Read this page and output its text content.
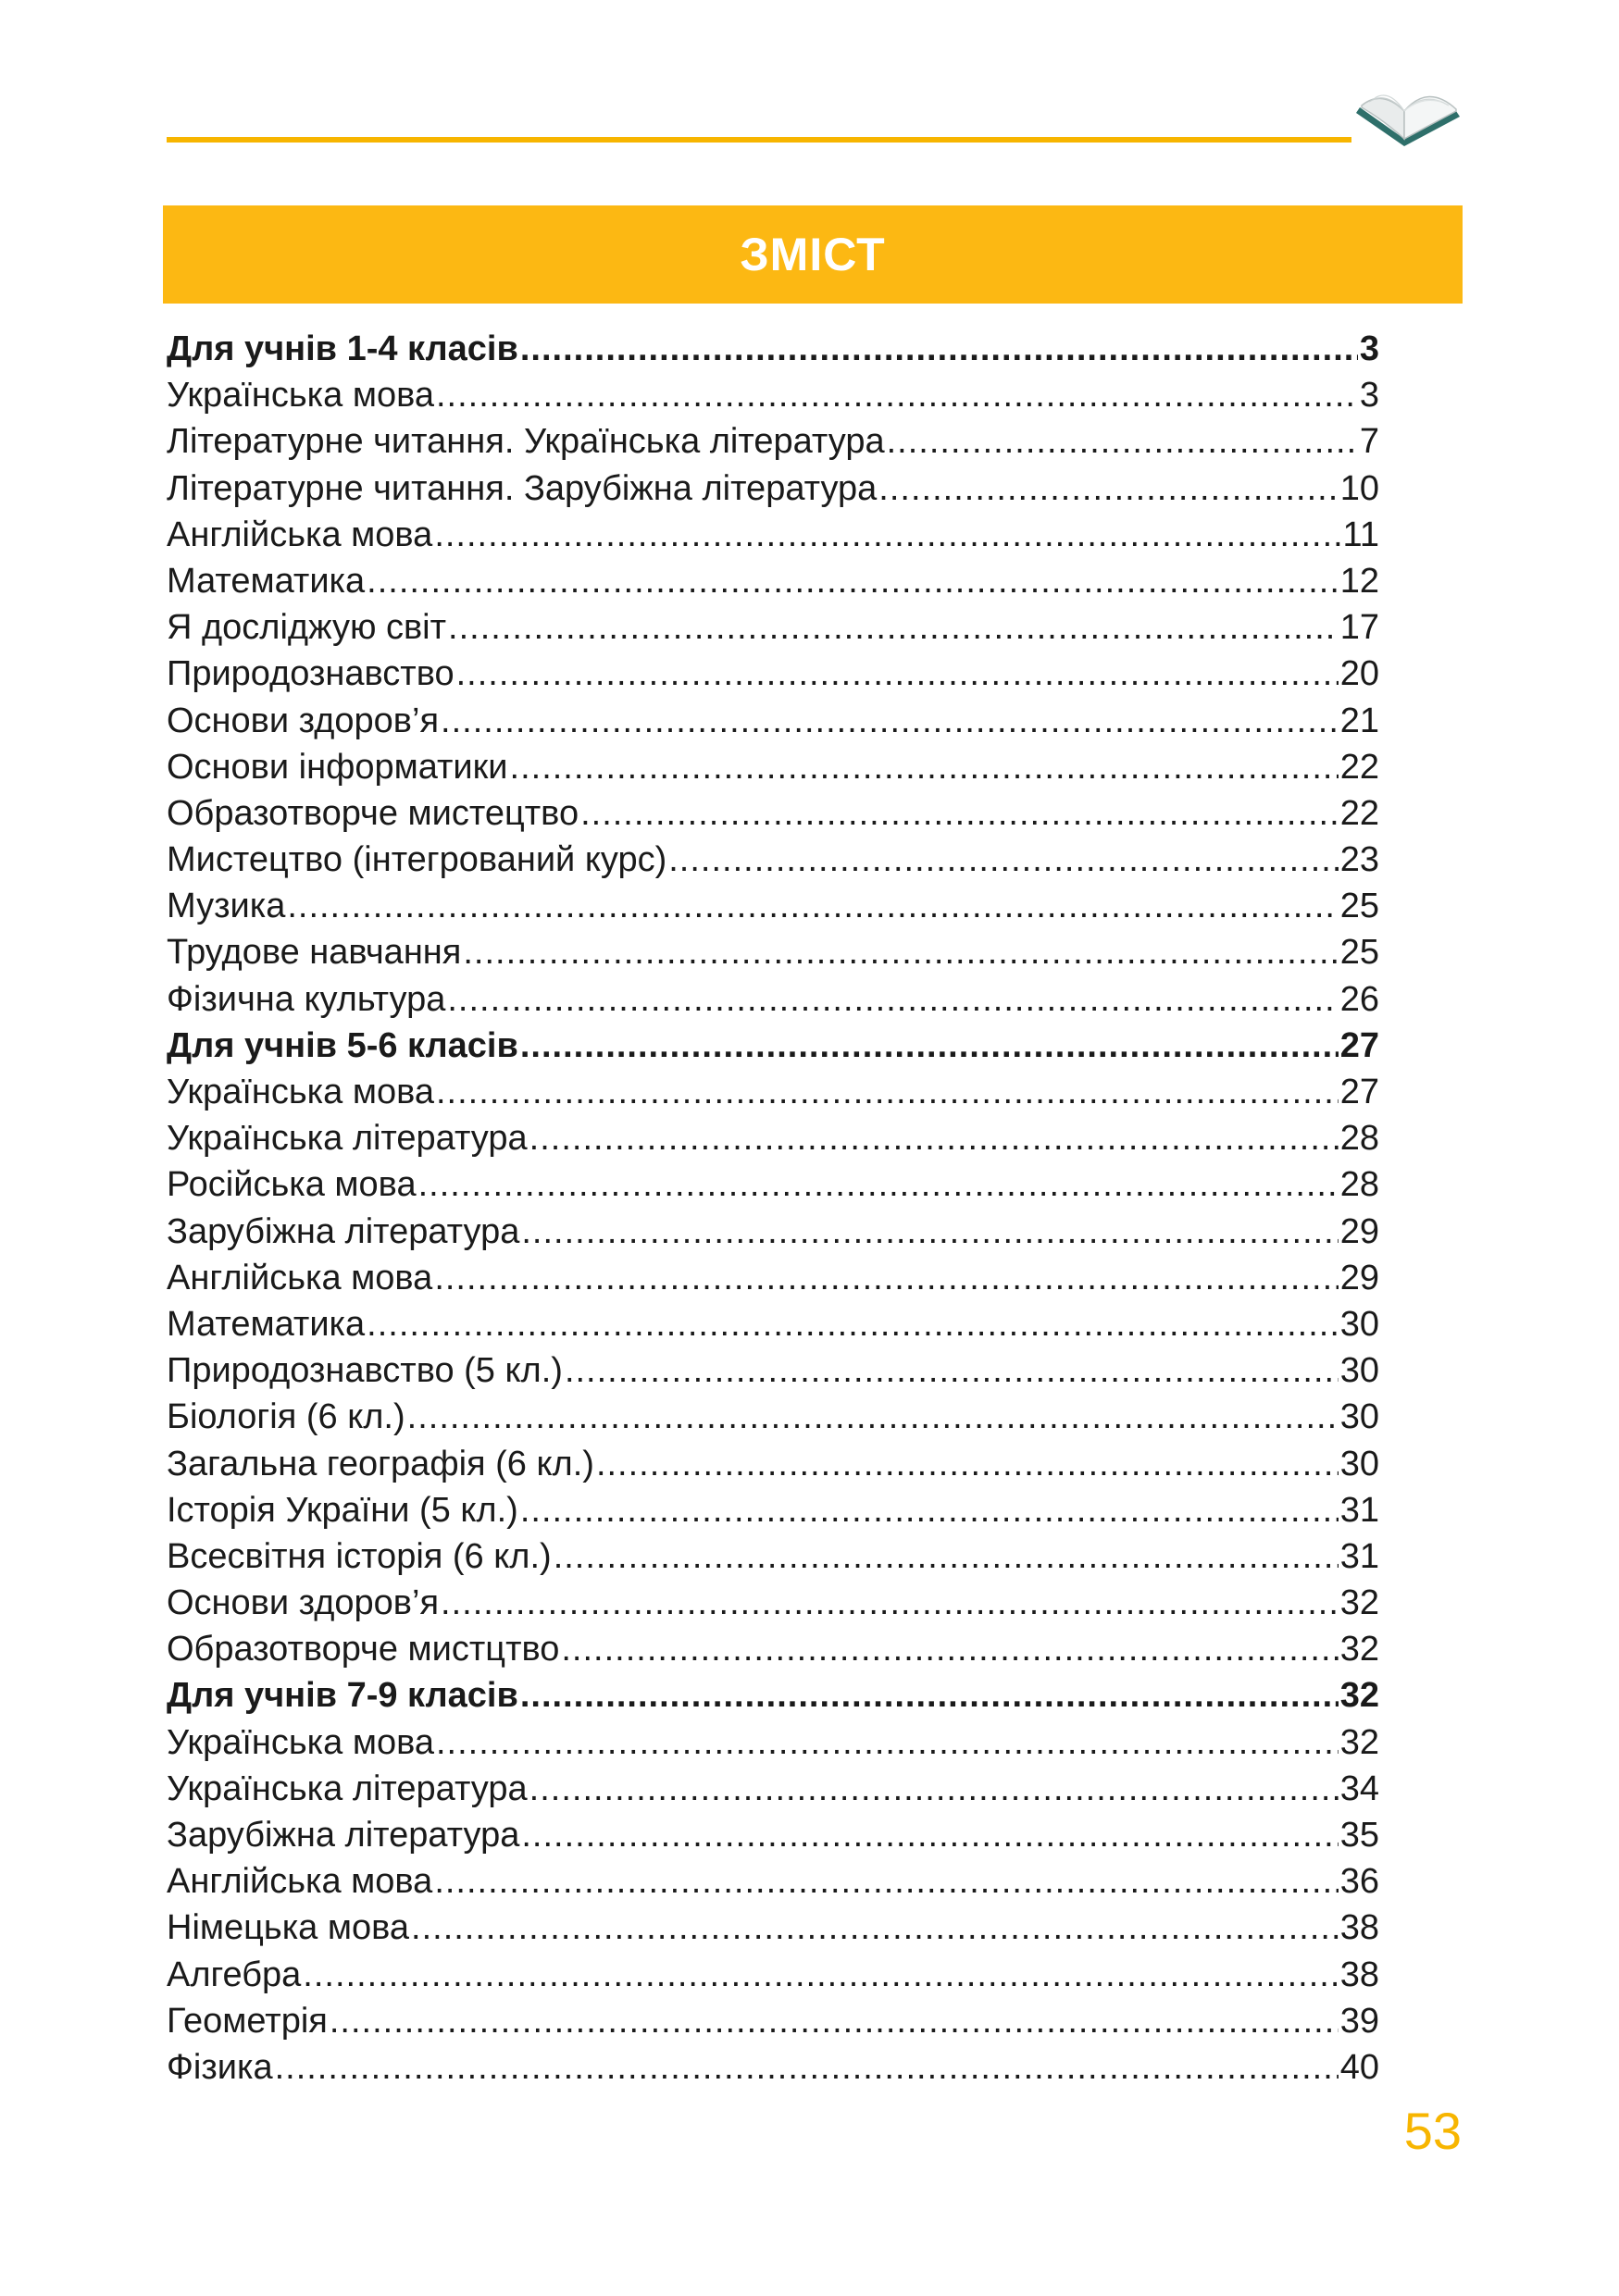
ЗМІСТ
Для учнів 1-4 класів .....	3
Українська мова .....	3
Літературне читання. Українська література .....	7
Літературне читання. Зарубіжна література .....	10
Англійська мова .....	11
Математика .....	12
Я досліджую світ .....	17
Природознавство .....	20
Основи здоров’я .....	21
Основи інформатики .....	22
Образотворче мистецтво .....	22
Мистецтво (інтегрований курс) .....	23
Музика .....	25
Трудове навчання .....	25
Фізична культура .....	26
Для учнів 5-6 класів .....	27
Українська мова .....	27
Українська література .....	28
Російська мова .....	28
Зарубіжна література .....	29
Англійська мова .....	29
Математика .....	30
Природознавство (5 кл.) .....	30
Біологія (6 кл.) .....	30
Загальна географія (6 кл.) .....	30
Історія України (5 кл.) .....	31
Всесвітня історія (6 кл.) .....	31
Основи здоров’я .....	32
Образотворче мистцтво .....	32
Для учнів 7-9 класів .....	32
Українська мова .....	32
Українська література .....	34
Зарубіжна література .....	35
Англійська мова .....	36
Німецька мова .....	38
Алгебра .....	38
Геометрія .....	39
Фізика .....	40
53
